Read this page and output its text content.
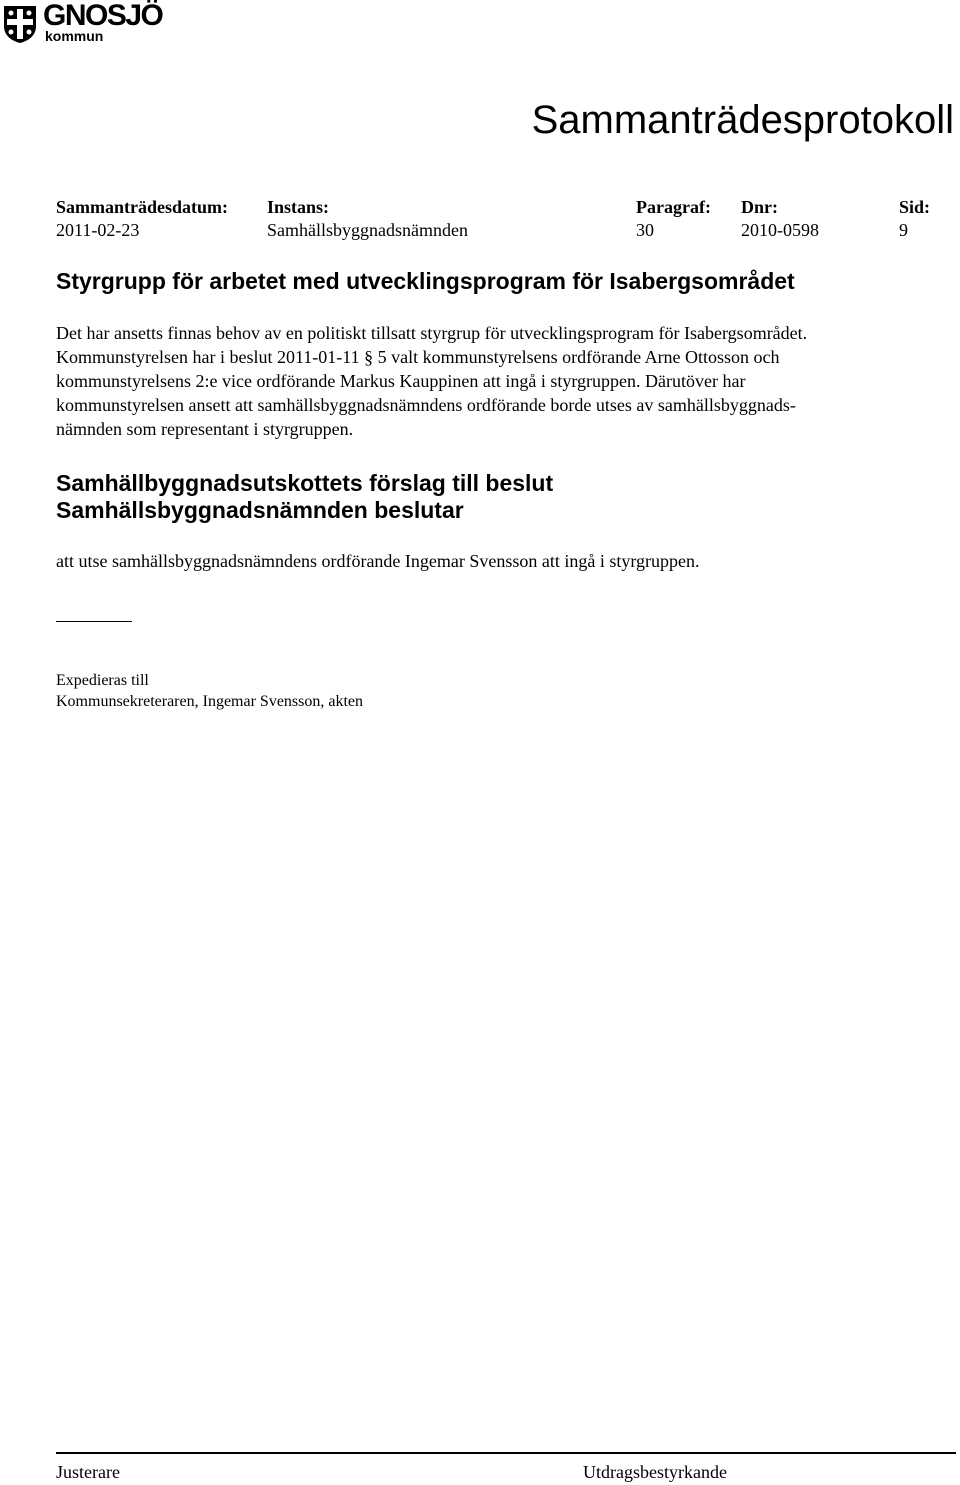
GNOSJÖ
kommun
Sammanträdesprotokoll
Sammanträdesdatum:
2011-02-23
Instans:
Samhällsbyggnadsnämnden
Paragraf:
30
Dnr:
2010-0598
Sid:
9
Styrgrupp för arbetet med utvecklingsprogram för Isabergsområdet
Det har ansetts finnas behov av en politiskt tillsatt styrgrup för utvecklingsprogram för Isabergsområdet.
Kommunstyrelsen har i beslut 2011-01-11 § 5 valt kommunstyrelsens ordförande Arne Ottosson och
kommunstyrelsens 2:e vice ordförande Markus Kauppinen att ingå i styrgruppen. Därutöver har
kommunstyrelsen ansett att samhällsbyggnadsnämndens ordförande borde utses av samhällsbyggnads-
nämnden som representant i styrgruppen.
Samhällbyggnadsutskottets förslag till beslut
Samhällsbyggnadsnämnden beslutar

att utse samhällsbyggnadsnämndens ordförande Ingemar Svensson att ingå i styrgruppen.

Expedieras till
Kommunsekreteraren, Ingemar Svensson, akten
Justerare	Utdragsbestyrkande
